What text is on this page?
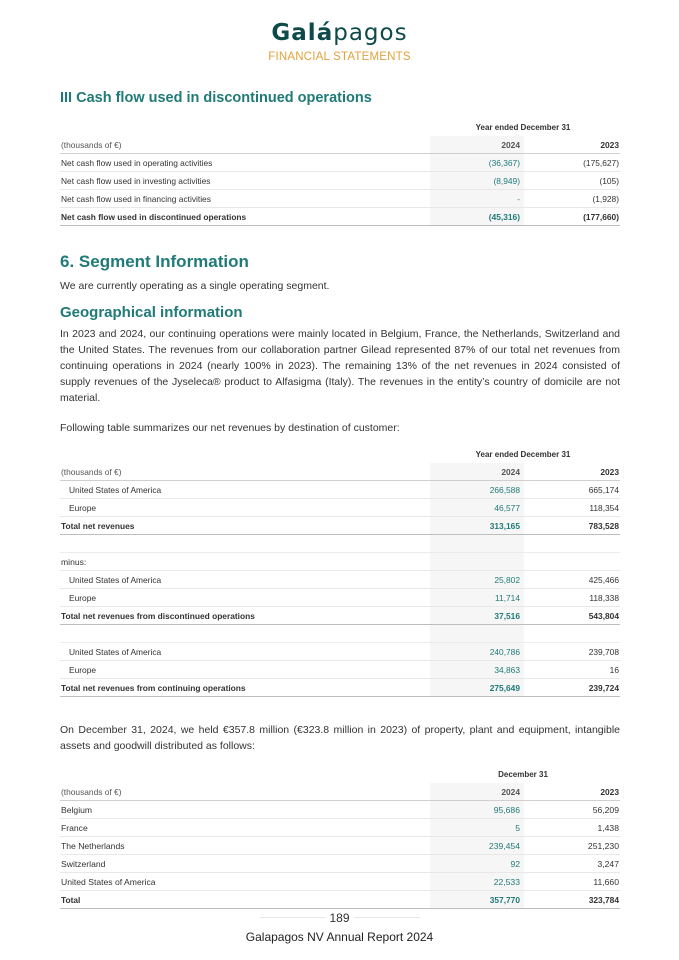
Galápagos
FINANCIAL STATEMENTS
III Cash flow used in discontinued operations
	Year ended December 31	
(thousands of €)	2024	2023
Net cash flow used in operating activities	(36,367)	(175,627)
Net cash flow used in investing activities	(8,949)	(105)
Net cash flow used in financing activities	-	(1,928)
Net cash flow used in discontinued operations	(45,316)	(177,660)
6. Segment Information

We are currently operating as a single operating segment.

Geographical information

In 2023 and 2024, our continuing operations were mainly located in Belgium, France, the Netherlands, Switzerland and the United States. The revenues from our collaboration partner Gilead represented 87% of our total net revenues from continuing operations in 2024 (nearly 100% in 2023). The remaining 13% of the net revenues in 2024 consisted of supply revenues of the Jyseleca® product to Alfasigma (Italy). The revenues in the entity’s country of domicile are not material.

Following table summarizes our net revenues by destination of customer:

	Year ended December 31	
(thousands of €)	2024	2023
United States of America	266,588	665,174
Europe	46,577	118,354
Total net revenues	313,165	783,528

minus:		
United States of America	25,802	425,466
Europe	11,714	118,338
Total net revenues from discontinued operations	37,516	543,804

United States of America	240,786	239,708
Europe	34,863	16
Total net revenues from continuing operations	275,649	239,724

On December 31, 2024, we held €357.8 million (€323.8 million in 2023) of property, plant and equipment, intangible assets and goodwill distributed as follows:

	December 31	
(thousands of €)	2024	2023
Belgium	95,686	56,209
France	5	1,438
The Netherlands	239,454	251,230
Switzerland	92	3,247
United States of America	22,533	11,660
Total	357,770	323,784
189
Galapagos NV Annual Report 2024
